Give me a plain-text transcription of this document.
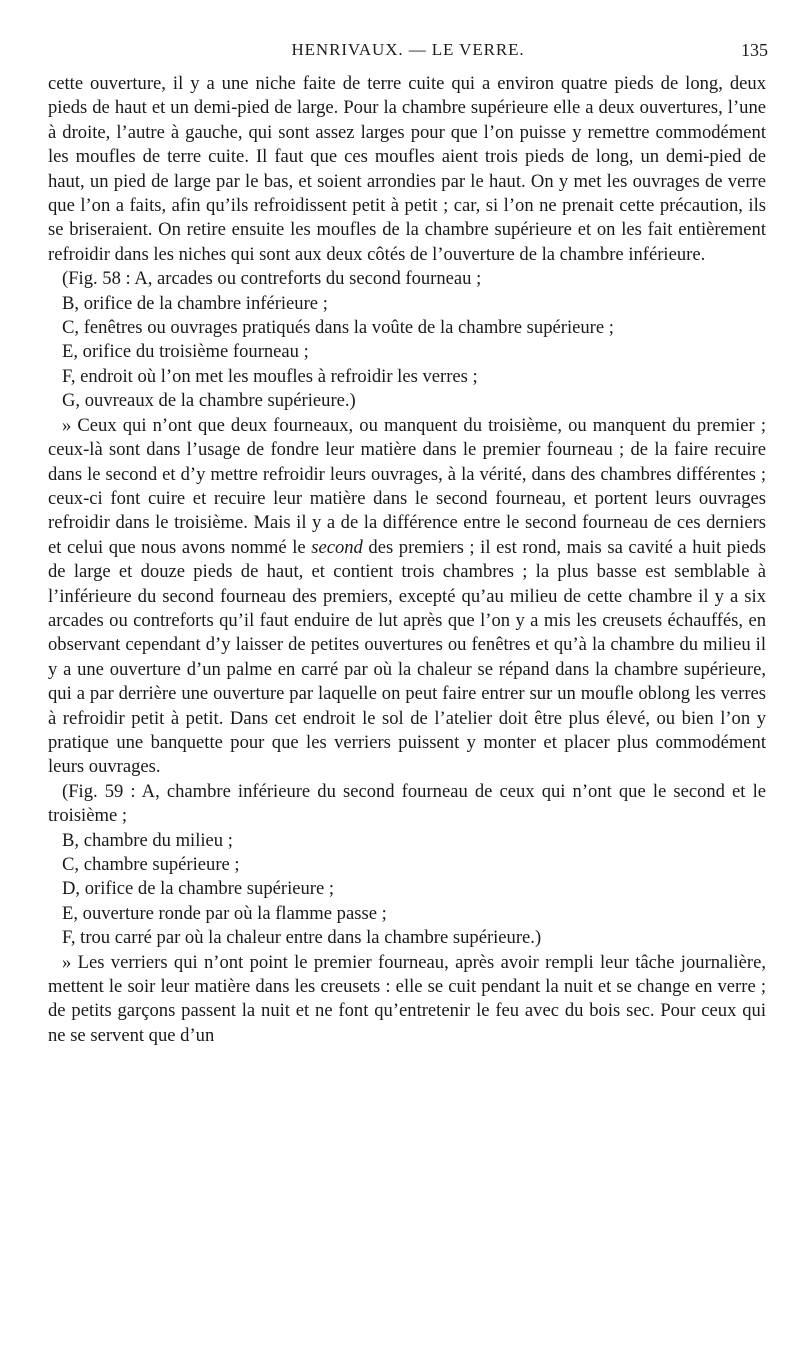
HENRIVAUX. — LE VERRE.	135

cette ouverture, il y a une niche faite de terre cuite qui a environ quatre pieds de long, deux pieds de haut et un demi-pied de large. Pour la chambre supérieure elle a deux ouvertures, l’une à droite, l’autre à gauche, qui sont assez larges pour que l’on puisse y remettre commodément les moufles de terre cuite. Il faut que ces moufles aient trois pieds de long, un demi-pied de haut, un pied de large par le bas, et soient arrondies par le haut. On y met les ouvrages de verre que l’on a faits, afin qu’ils refroidissent petit à petit ; car, si l’on ne prenait cette précaution, ils se briseraient. On retire ensuite les moufles de la chambre supérieure et on les fait entièrement refroidir dans les niches qui sont aux deux côtés de l’ouverture de la chambre inférieure.

(Fig. 58 : A, arcades ou contreforts du second fourneau ;

B, orifice de la chambre inférieure ;

C, fenêtres ou ouvrages pratiqués dans la voûte de la chambre supérieure ;

E, orifice du troisième fourneau ;

F, endroit où l’on met les moufles à refroidir les verres ;

G, ouvreaux de la chambre supérieure.)

» Ceux qui n’ont que deux fourneaux, ou manquent du troisième, ou manquent du premier ; ceux-là sont dans l’usage de fondre leur matière dans le premier fourneau ; de la faire recuire dans le second et d’y mettre refroidir leurs ouvrages, à la vérité, dans des chambres différentes ; ceux-ci font cuire et recuire leur matière dans le second fourneau, et portent leurs ouvrages refroidir dans le troisième. Mais il y a de la différence entre le second fourneau de ces derniers et celui que nous avons nommé le second des premiers ; il est rond, mais sa cavité a huit pieds de large et douze pieds de haut, et contient trois chambres ; la plus basse est semblable à l’inférieure du second fourneau des premiers, excepté qu’au milieu de cette chambre il y a six arcades ou contreforts qu’il faut enduire de lut après que l’on y a mis les creusets échauffés, en observant cependant d’y laisser de petites ouvertures ou fenêtres et qu’à la chambre du milieu il y a une ouverture d’un palme en carré par où la chaleur se répand dans la chambre supérieure, qui a par derrière une ouverture par laquelle on peut faire entrer sur un moufle oblong les verres à refroidir petit à petit. Dans cet endroit le sol de l’atelier doit être plus élevé, ou bien l’on y pratique une banquette pour que les verriers puissent y monter et placer plus commodément leurs ouvrages.

(Fig. 59 : A, chambre inférieure du second fourneau de ceux qui n’ont que le second et le troisième ;

B, chambre du milieu ;

C, chambre supérieure ;

D, orifice de la chambre supérieure ;

E, ouverture ronde par où la flamme passe ;

F, trou carré par où la chaleur entre dans la chambre supérieure.)

» Les verriers qui n’ont point le premier fourneau, après avoir rempli leur tâche journalière, mettent le soir leur matière dans les creusets : elle se cuit pendant la nuit et se change en verre ; de petits garçons passent la nuit et ne font qu’entretenir le feu avec du bois sec. Pour ceux qui ne se servent que d’un
